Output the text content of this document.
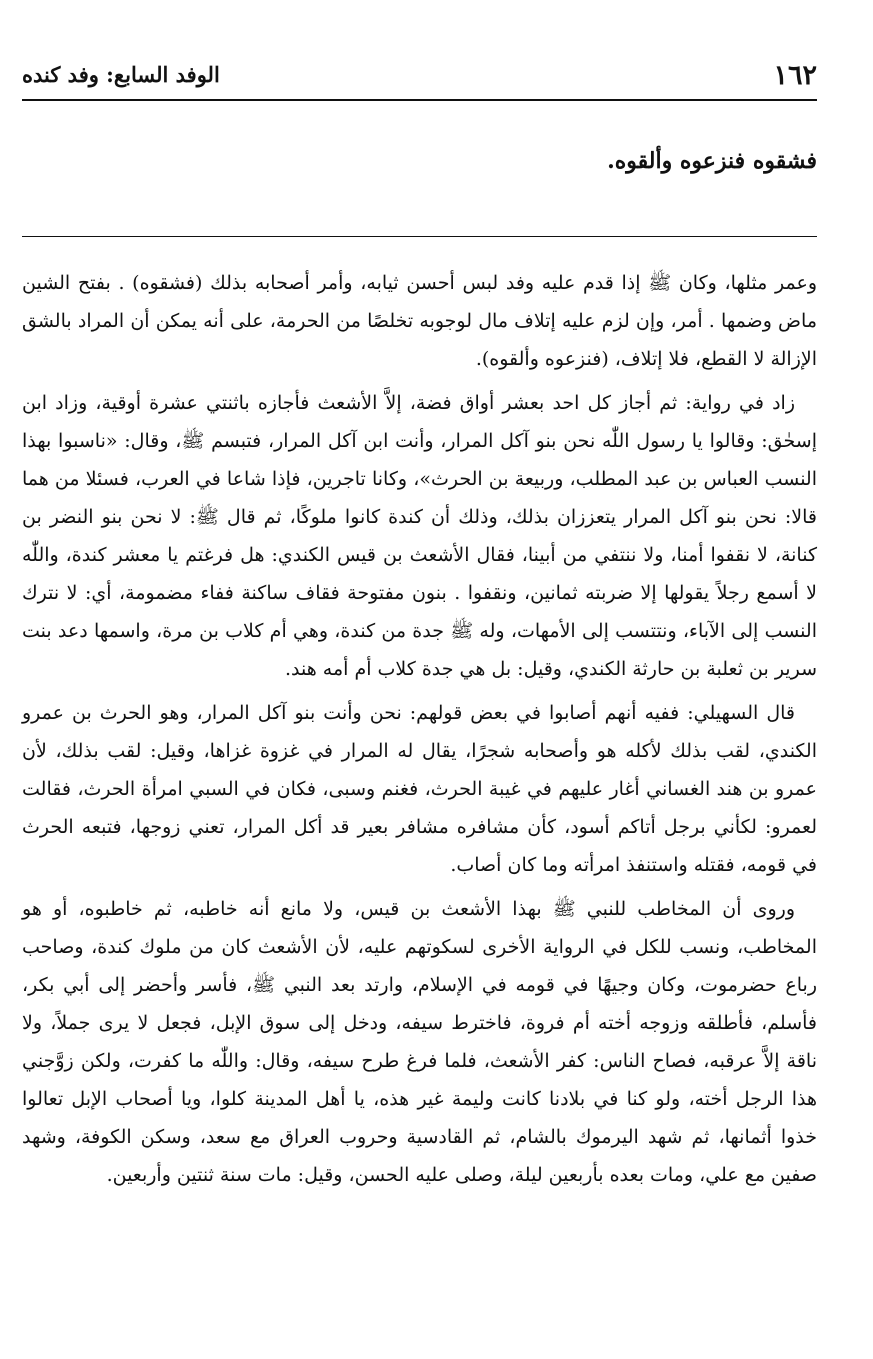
١٦٢
الوفد السابع: وفد كنده
فشقوه فنزعوه وألقوه.

وعمر مثلها، وكان ﷺ إذا قدم عليه وفد لبس أحسن ثيابه، وأمر أصحابه بذلك (فشقوه) . بفتح الشين ماض وضمها . أمر، وإن لزم عليه إتلاف مال لوجوبه تخلصًا من الحرمة، على أنه يمكن أن المراد بالشق الإزالة لا القطع، فلا إتلاف، (فنزعوه وألقوه).

زاد في رواية: ثم أجاز كل احد بعشر أواق فضة، إلاَّ الأشعث فأجازه باثنتي عشرة أوقية، وزاد ابن إسحٰق: وقالوا يا رسول اللّٰه نحن بنو آكل المرار، وأنت ابن آكل المرار، فتبسم ﷺ، وقال: «ناسبوا بهذا النسب العباس بن عبد المطلب، وربيعة بن الحرث»، وكانا تاجرين، فإذا شاعا في العرب، فسئلا من هما قالا: نحن بنو آكل المرار يتعززان بذلك، وذلك أن كندة كانوا ملوكًا، ثم قال ﷺ: لا نحن بنو النضر بن كنانة، لا نقفوا أمنا، ولا ننتفي من أبينا، فقال الأشعث بن قيس الكندي: هل فرغتم يا معشر كندة، واللّٰه لا أسمع رجلاً يقولها إلا ضربته ثمانين، ونقفوا . بنون مفتوحة فقاف ساكنة ففاء مضمومة، أي: لا نترك النسب إلى الآباء، ونتتسب إلى الأمهات، وله ﷺ جدة من كندة، وهي أم كلاب بن مرة، واسمها دعد بنت سرير بن ثعلبة بن حارثة الكندي، وقيل: بل هي جدة كلاب أم أمه هند.

قال السهيلي: ففيه أنهم أصابوا في بعض قولهم: نحن وأنت بنو آكل المرار، وهو الحرث بن عمرو الكندي، لقب بذلك لأكله هو وأصحابه شجرًا، يقال له المرار في غزوة غزاها، وقيل: لقب بذلك، لأن عمرو بن هند الغساني أغار عليهم في غيبة الحرث، فغنم وسبى، فكان في السبي امرأة الحرث، فقالت لعمرو: لكأني برجل أتاكم أسود، كأن مشافره مشافر بعير قد أكل المرار، تعني زوجها، فتبعه الحرث في قومه، فقتله واستنفذ امرأته وما كان أصاب.

وروى أن المخاطب للنبي ﷺ بهذا الأشعث بن قيس، ولا مانع أنه خاطبه، ثم خاطبوه، أو هو المخاطب، ونسب للكل في الرواية الأخرى لسكوتهم عليه، لأن الأشعث كان من ملوك كندة، وصاحب رباع حضرموت، وكان وجيهًا في قومه في الإسلام، وارتد بعد النبي ﷺ، فأسر وأحضر إلى أبي بكر، فأسلم، فأطلقه وزوجه أخته أم فروة، فاخترط سيفه، ودخل إلى سوق الإبل، فجعل لا يرى جملاً، ولا ناقة إلاَّ عرقبه، فصاح الناس: كفر الأشعث، فلما فرغ طرح سيفه، وقال: واللّٰه ما كفرت، ولكن زوَّجني هذا الرجل أخته، ولو كنا في بلادنا كانت وليمة غير هذه، يا أهل المدينة كلوا، ويا أصحاب الإبل تعالوا خذوا أثمانها، ثم شهد اليرموك بالشام، ثم القادسية وحروب العراق مع سعد، وسكن الكوفة، وشهد صفين مع علي، ومات بعده بأربعين ليلة، وصلى عليه الحسن، وقيل: مات سنة ثنتين وأربعين.
